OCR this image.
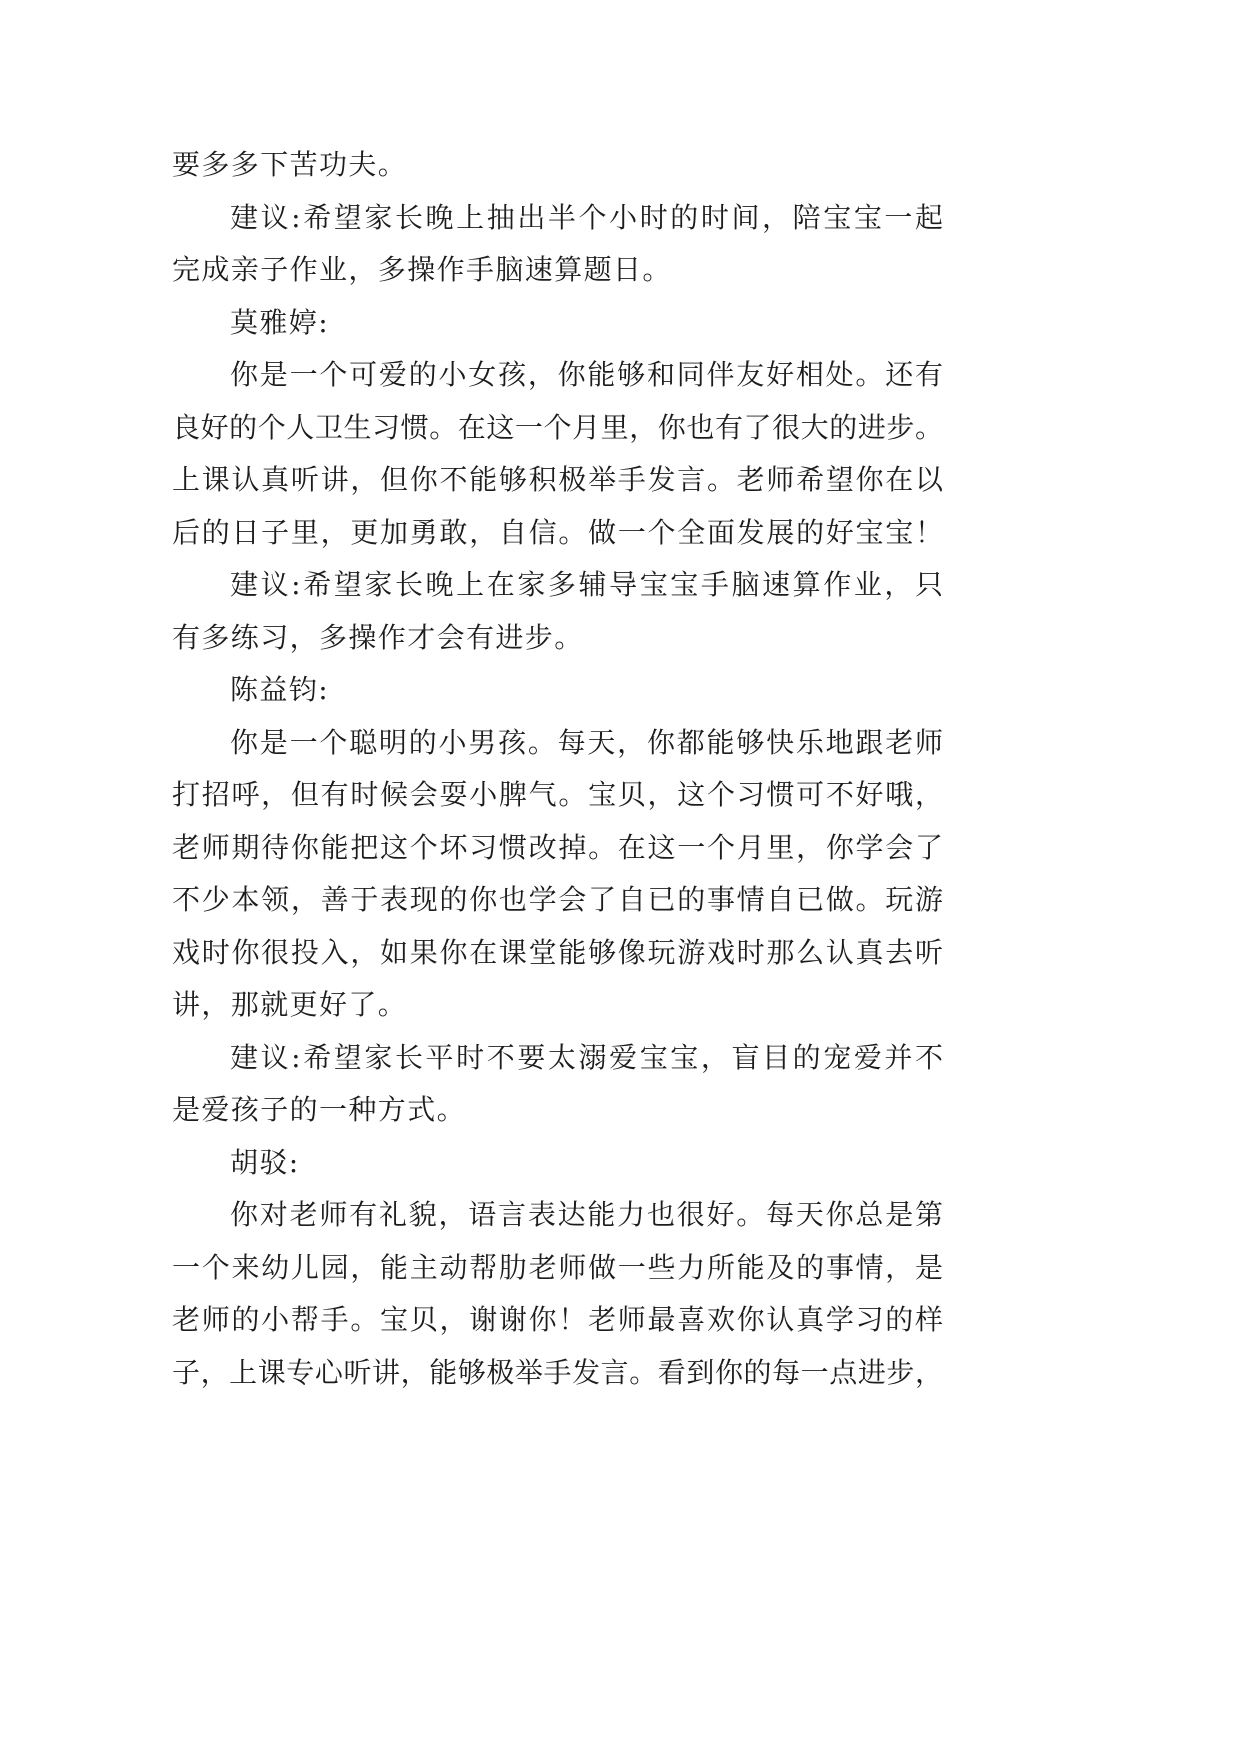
要多多下苦功夫。
建议:希望家长晚上抽出半个小时的时间，陪宝宝一起
完成亲子作业，多操作手脑速算题日。
莫雅婷:
你是一个可爱的小女孩，你能够和同伴友好相处。还有
良好的个人卫生习惯。在这一个月里，你也有了很大的进步。
上课认真听讲，但你不能够积极举手发言。老师希望你在以
后的日子里，更加勇敢，自信。做一个全面发展的好宝宝！
建议:希望家长晚上在家多辅导宝宝手脑速算作业，只
有多练习，多操作才会有进步。
陈益钧:
你是一个聪明的小男孩。每天，你都能够快乐地跟老师
打招呼，但有时候会耍小脾气。宝贝，这个习惯可不好哦，
老师期待你能把这个坏习惯改掉。在这一个月里，你学会了
不少本领，善于表现的你也学会了自已的事情自已做。玩游
戏时你很投入，如果你在课堂能够像玩游戏时那么认真去听
讲，那就更好了。
建议:希望家长平时不要太溺爱宝宝，盲目的宠爱并不
是爱孩子的一种方式。
胡驳:
你对老师有礼貌，语言表达能力也很好。每天你总是第
一个来幼儿园，能主动帮肋老师做一些力所能及的事情，是
老师的小帮手。宝贝，谢谢你！老师最喜欢你认真学习的样
子，上课专心听讲，能够极举手发言。看到你的每一点进步，
